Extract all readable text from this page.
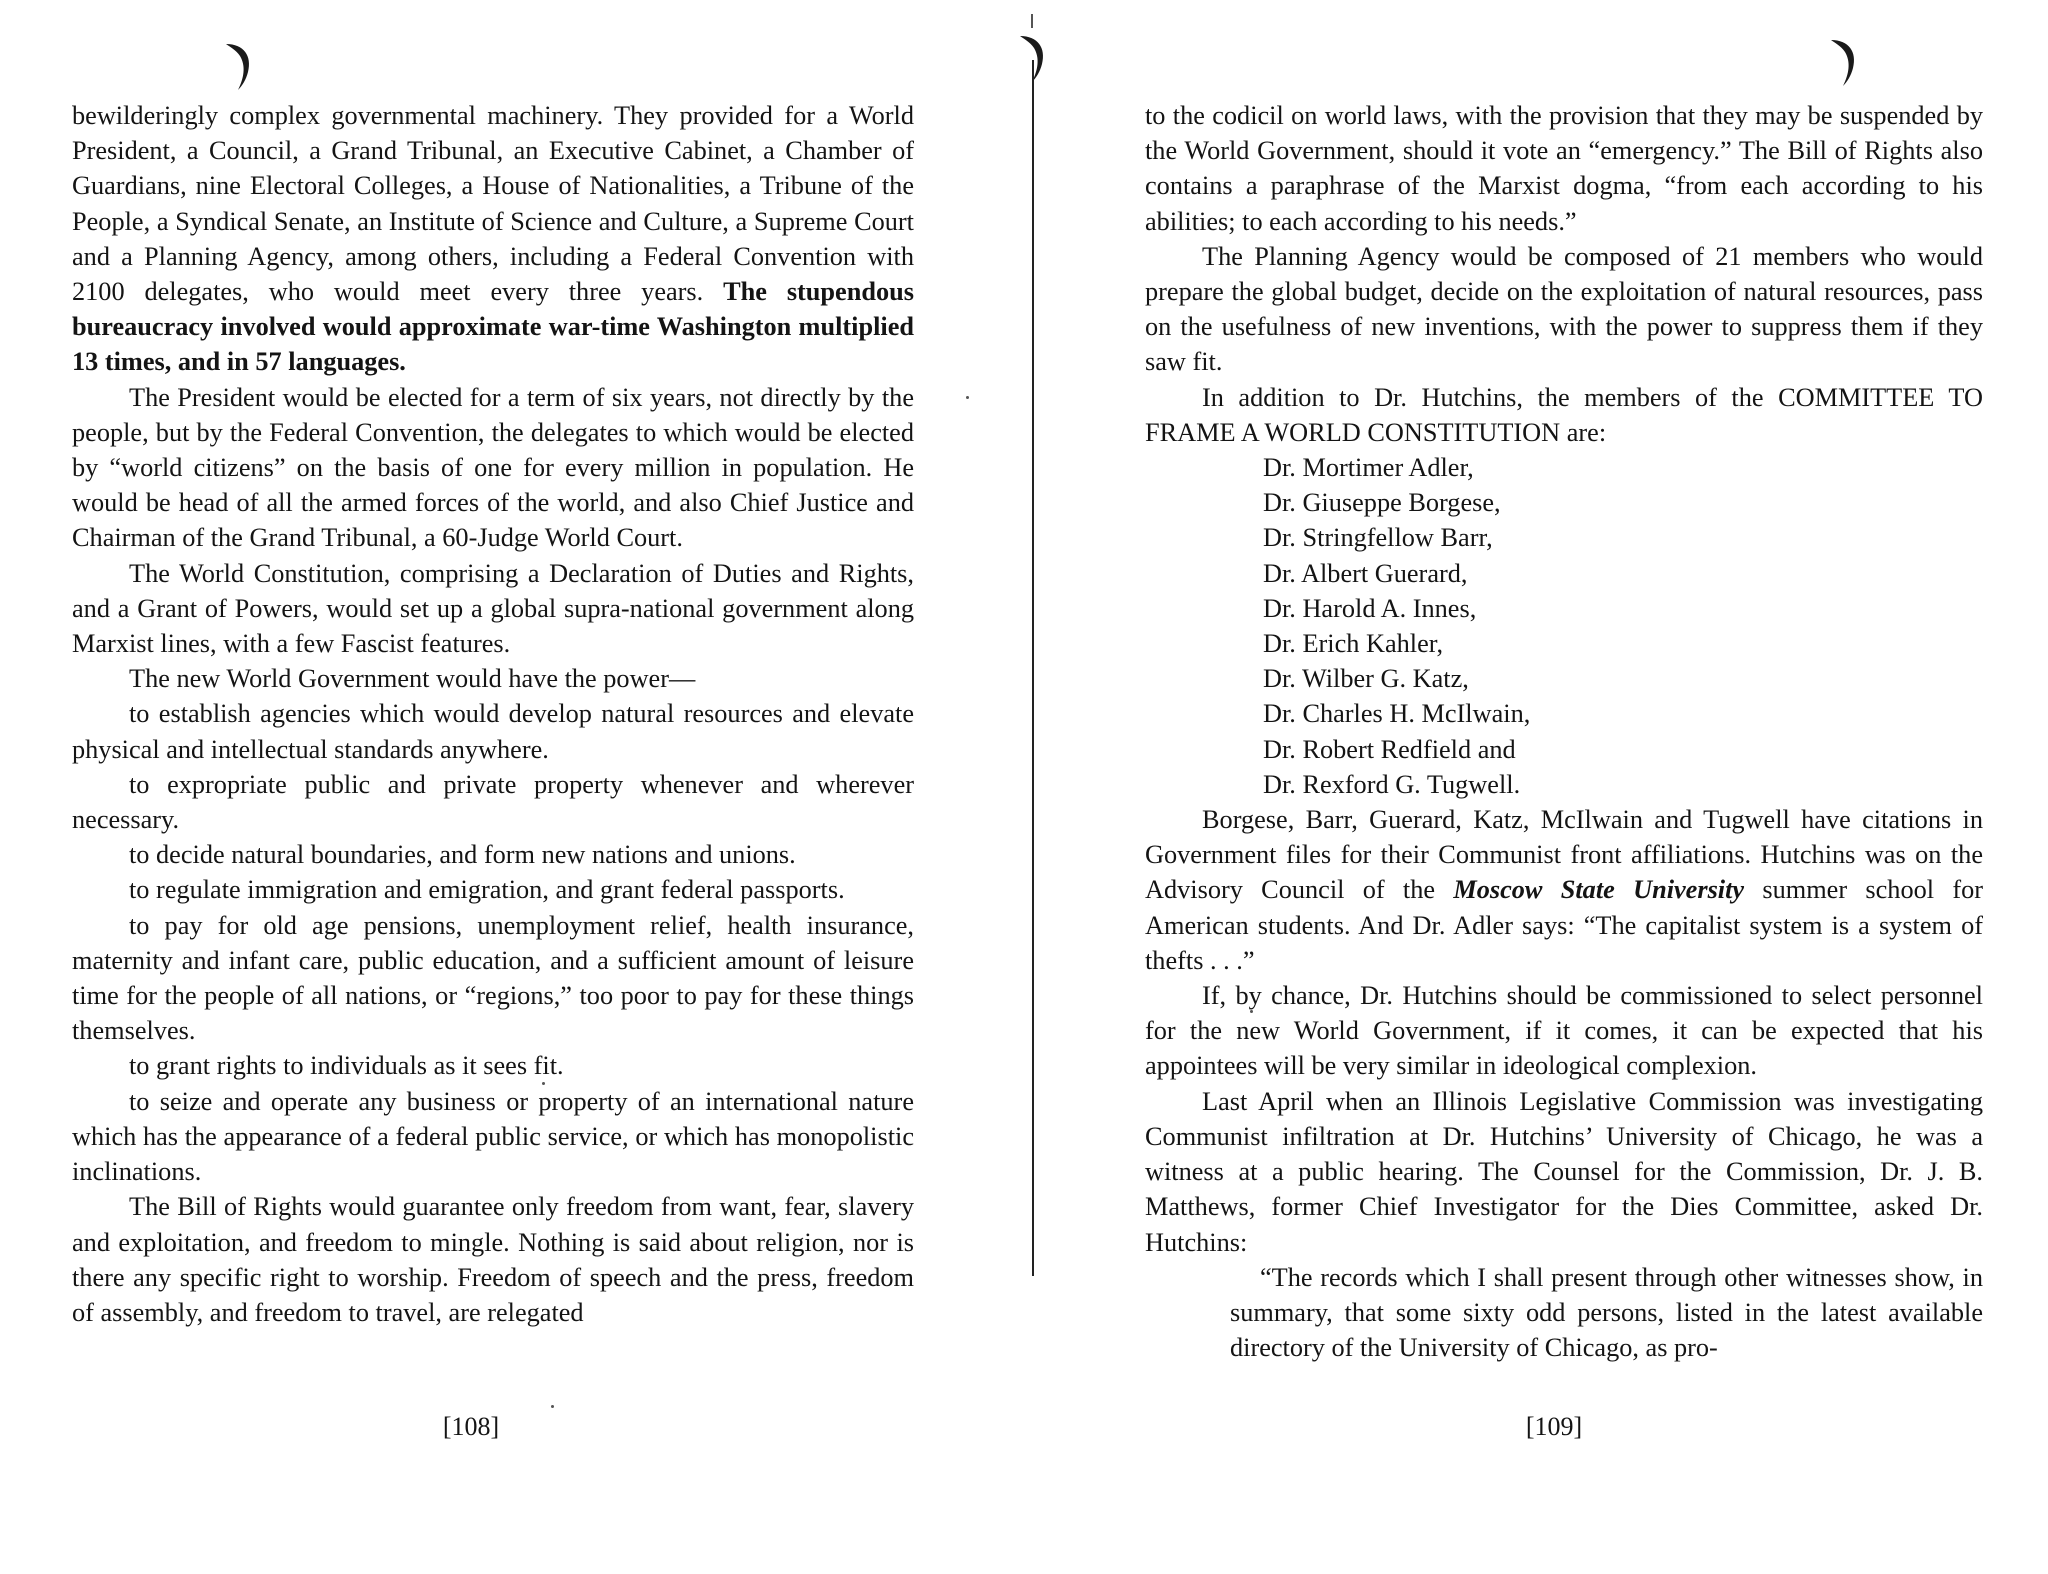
bewilderingly complex governmental machinery. They provided for a World President, a Council, a Grand Tribunal, an Executive Cabinet, a Chamber of Guardians, nine Electoral Colleges, a House of Nationalities, a Tribune of the People, a Syndical Senate, an Institute of Science and Culture, a Supreme Court and a Planning Agency, among others, including a Federal Convention with 2100 delegates, who would meet every three years. The stupendous bureaucracy involved would approximate war-time Washington multiplied 13 times, and in 57 languages.

The President would be elected for a term of six years, not directly by the people, but by the Federal Convention, the delegates to which would be elected by “world citizens” on the basis of one for every million in population. He would be head of all the armed forces of the world, and also Chief Justice and Chairman of the Grand Tribunal, a 60-Judge World Court.

The World Constitution, comprising a Declaration of Duties and Rights, and a Grant of Powers, would set up a global supra-national government along Marxist lines, with a few Fascist features.

The new World Government would have the power—

to establish agencies which would develop natural resources and elevate physical and intellectual standards anywhere.

to expropriate public and private property whenever and wherever necessary.

to decide natural boundaries, and form new nations and unions.

to regulate immigration and emigration, and grant federal passports.

to pay for old age pensions, unemployment relief, health insurance, maternity and infant care, public education, and a sufficient amount of leisure time for the people of all nations, or “regions,” too poor to pay for these things themselves.

to grant rights to individuals as it sees fit.

to seize and operate any business or property of an international nature which has the appearance of a federal public service, or which has monopolistic inclinations.

The Bill of Rights would guarantee only freedom from want, fear, slavery and exploitation, and freedom to mingle. Nothing is said about religion, nor is there any specific right to worship. Freedom of speech and the press, freedom of assembly, and freedom to travel, are relegated

[108]

to the codicil on world laws, with the provision that they may be suspended by the World Government, should it vote an “emergency.” The Bill of Rights also contains a paraphrase of the Marxist dogma, “from each according to his abilities; to each according to his needs.”

The Planning Agency would be composed of 21 members who would prepare the global budget, decide on the exploitation of natural resources, pass on the usefulness of new inventions, with the power to suppress them if they saw fit.

In addition to Dr. Hutchins, the members of the COMMITTEE TO FRAME A WORLD CONSTITUTION are:

Dr. Mortimer Adler,
Dr. Giuseppe Borgese,
Dr. Stringfellow Barr,
Dr. Albert Guerard,
Dr. Harold A. Innes,
Dr. Erich Kahler,
Dr. Wilber G. Katz,
Dr. Charles H. McIlwain,
Dr. Robert Redfield and
Dr. Rexford G. Tugwell.

Borgese, Barr, Guerard, Katz, McIlwain and Tugwell have citations in Government files for their Communist front affiliations. Hutchins was on the Advisory Council of the Moscow State University summer school for American students. And Dr. Adler says: “The capitalist system is a system of thefts . . .”

If, by chance, Dr. Hutchins should be commissioned to select personnel for the new World Government, if it comes, it can be expected that his appointees will be very similar in ideological complexion.

Last April when an Illinois Legislative Commission was investigating Communist infiltration at Dr. Hutchins’ University of Chicago, he was a witness at a public hearing. The Counsel for the Commission, Dr. J. B. Matthews, former Chief Investigator for the Dies Committee, asked Dr. Hutchins:

“The records which I shall present through other witnesses show, in summary, that some sixty odd persons, listed in the latest available directory of the University of Chicago, as pro-

[109]
